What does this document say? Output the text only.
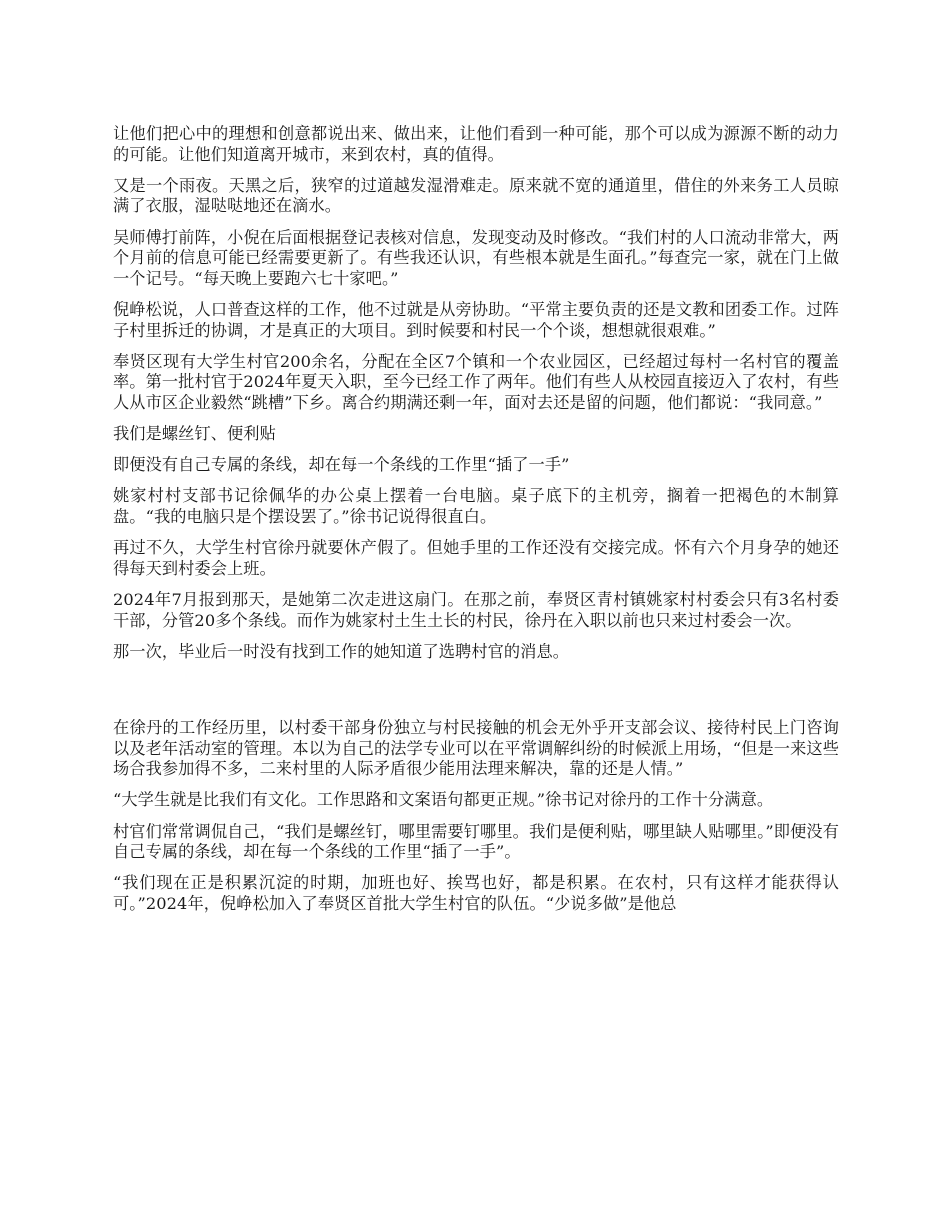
让他们把心中的理想和创意都说出来、做出来，让他们看到一种可能，那个可以成为源源不断的动力的可能。让他们知道离开城市，来到农村，真的值得。

又是一个雨夜。天黑之后，狭窄的过道越发湿滑难走。原来就不宽的通道里，借住的外来务工人员晾满了衣服，湿哒哒地还在滴水。

吴师傅打前阵，小倪在后面根据登记表核对信息，发现变动及时修改。“我们村的人口流动非常大，两个月前的信息可能已经需要更新了。有些我还认识，有些根本就是生面孔。”每查完一家，就在门上做一个记号。“每天晚上要跑六七十家吧。”

倪峥松说，人口普查这样的工作，他不过就是从旁协助。“平常主要负责的还是文教和团委工作。过阵子村里拆迁的协调，才是真正的大项目。到时候要和村民一个个谈，想想就很艰难。”

奉贤区现有大学生村官200余名，分配在全区7个镇和一个农业园区，已经超过每村一名村官的覆盖率。第一批村官于2024年夏天入职，至今已经工作了两年。他们有些人从校园直接迈入了农村，有些人从市区企业毅然“跳槽”下乡。离合约期满还剩一年，面对去还是留的问题，他们都说：“我同意。”

我们是螺丝钉、便利贴

即便没有自己专属的条线，却在每一个条线的工作里“插了一手”

姚家村村支部书记徐佩华的办公桌上摆着一台电脑。桌子底下的主机旁，搁着一把褐色的木制算盘。“我的电脑只是个摆设罢了。”徐书记说得很直白。

再过不久，大学生村官徐丹就要休产假了。但她手里的工作还没有交接完成。怀有六个月身孕的她还得每天到村委会上班。

2024年7月报到那天，是她第二次走进这扇门。在那之前，奉贤区青村镇姚家村村委会只有3名村委干部，分管20多个条线。而作为姚家村土生土长的村民，徐丹在入职以前也只来过村委会一次。

那一次，毕业后一时没有找到工作的她知道了选聘村官的消息。

在徐丹的工作经历里，以村委干部身份独立与村民接触的机会无外乎开支部会议、接待村民上门咨询以及老年活动室的管理。本以为自己的法学专业可以在平常调解纠纷的时候派上用场，“但是一来这些场合我参加得不多，二来村里的人际矛盾很少能用法理来解决，靠的还是人情。”

“大学生就是比我们有文化。工作思路和文案语句都更正规。”徐书记对徐丹的工作十分满意。

村官们常常调侃自己，“我们是螺丝钉，哪里需要钉哪里。我们是便利贴，哪里缺人贴哪里。”即便没有自己专属的条线，却在每一个条线的工作里“插了一手”。

“我们现在正是积累沉淀的时期，加班也好、挨骂也好，都是积累。在农村，只有这样才能获得认可。”2024年，倪峥松加入了奉贤区首批大学生村官的队伍。“少说多做”是他总
